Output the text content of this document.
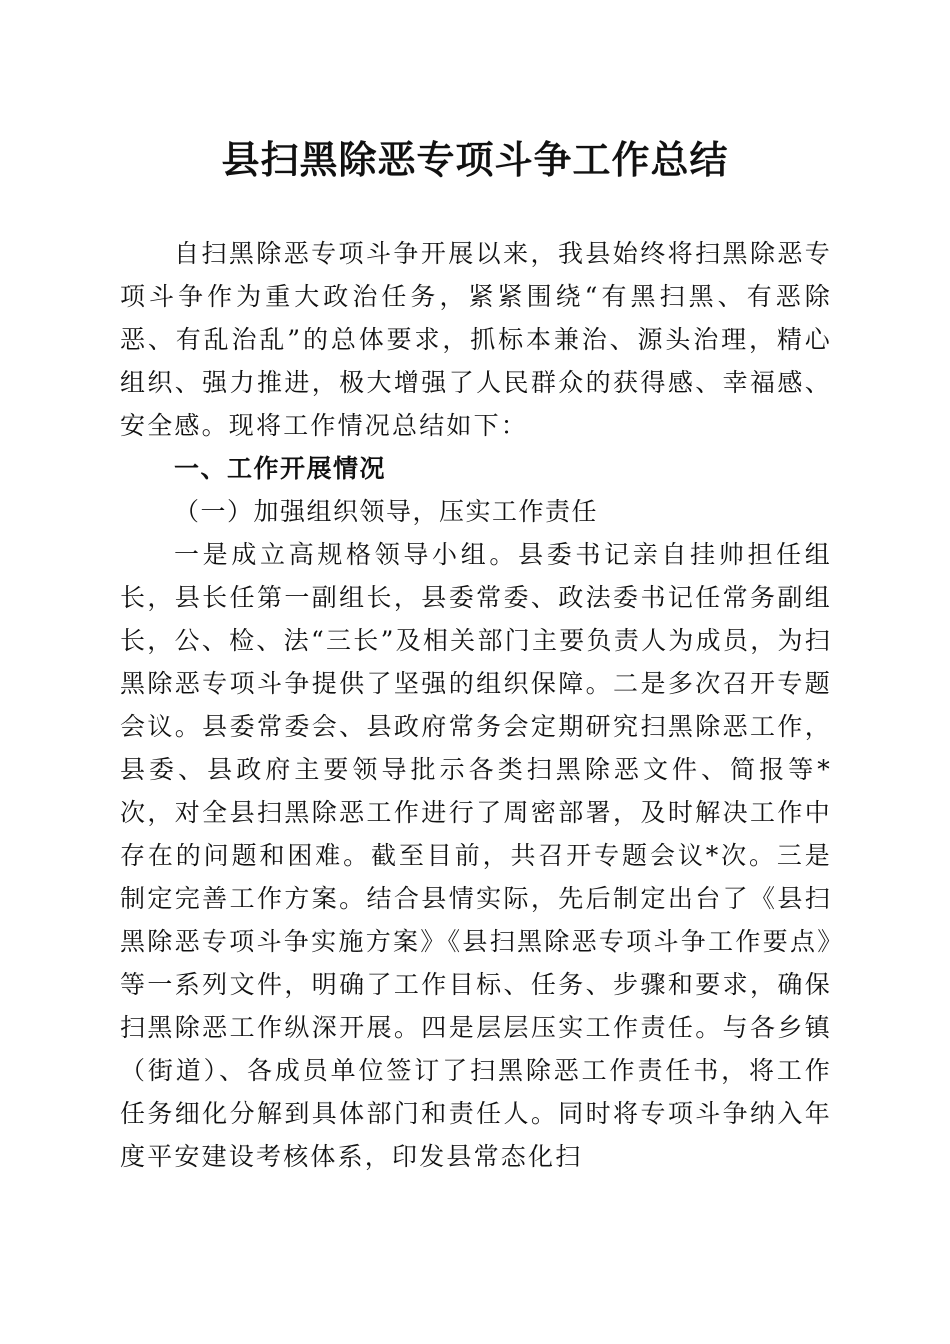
县扫黑除恶专项斗争工作总结

自扫黑除恶专项斗争开展以来，我县始终将扫黑除恶专项斗争作为重大政治任务，紧紧围绕“有黑扫黑、有恶除恶、有乱治乱”的总体要求，抓标本兼治、源头治理，精心组织、强力推进，极大增强了人民群众的获得感、幸福感、安全感。现将工作情况总结如下：

一、工作开展情况

（一）加强组织领导，压实工作责任

一是成立高规格领导小组。县委书记亲自挂帅担任组长，县长任第一副组长，县委常委、政法委书记任常务副组长，公、检、法“三长”及相关部门主要负责人为成员，为扫黑除恶专项斗争提供了坚强的组织保障。二是多次召开专题会议。县委常委会、县政府常务会定期研究扫黑除恶工作，县委、县政府主要领导批示各类扫黑除恶文件、简报等*次，对全县扫黑除恶工作进行了周密部署，及时解决工作中存在的问题和困难。截至目前，共召开专题会议*次。三是制定完善工作方案。结合县情实际，先后制定出台了《县扫黑除恶专项斗争实施方案》《县扫黑除恶专项斗争工作要点》等一系列文件，明确了工作目标、任务、步骤和要求，确保扫黑除恶工作纵深开展。四是层层压实工作责任。与各乡镇（街道）、各成员单位签订了扫黑除恶工作责任书，将工作任务细化分解到具体部门和责任人。同时将专项斗争纳入年度平安建设考核体系，印发县常态化扫
